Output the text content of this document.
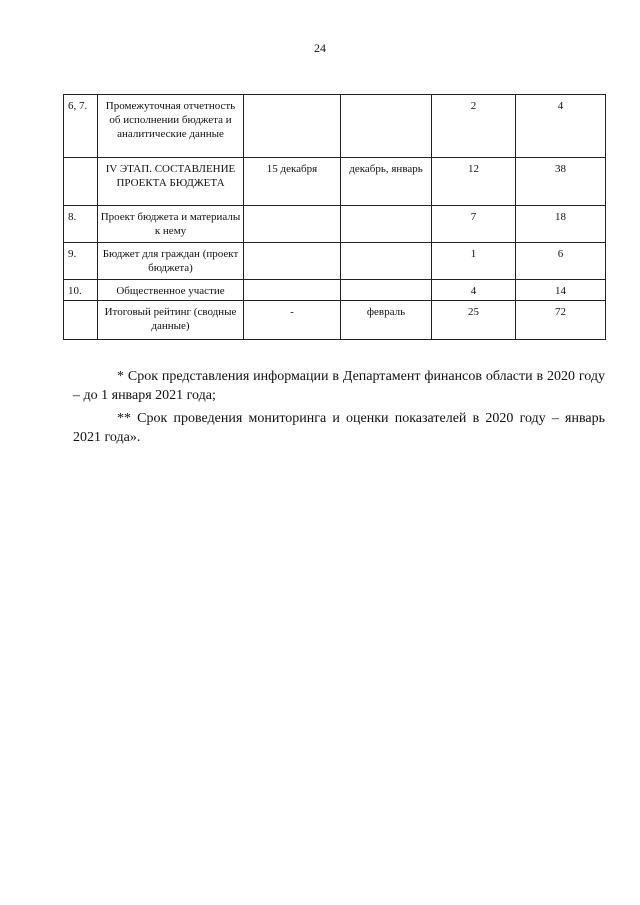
24
6, 7.	Промежуточная отчетность об исполнении бюджета и аналитические данные			2	4
	IV ЭТАП. СОСТАВЛЕНИЕ ПРОЕКТА БЮДЖЕТА	15 декабря	декабрь, январь	12	38
8.	Проект бюджета и материалы к нему			7	18
9.	Бюджет для граждан (проект бюджета)			1	6
10.	Общественное участие			4	14
	Итоговый рейтинг (сводные данные)	-	февраль	25	72

* Срок представления информации в Департамент финансов области в 2020 году – до 1 января 2021 года;

** Срок проведения мониторинга и оценки показателей в 2020 году – январь 2021 года».
